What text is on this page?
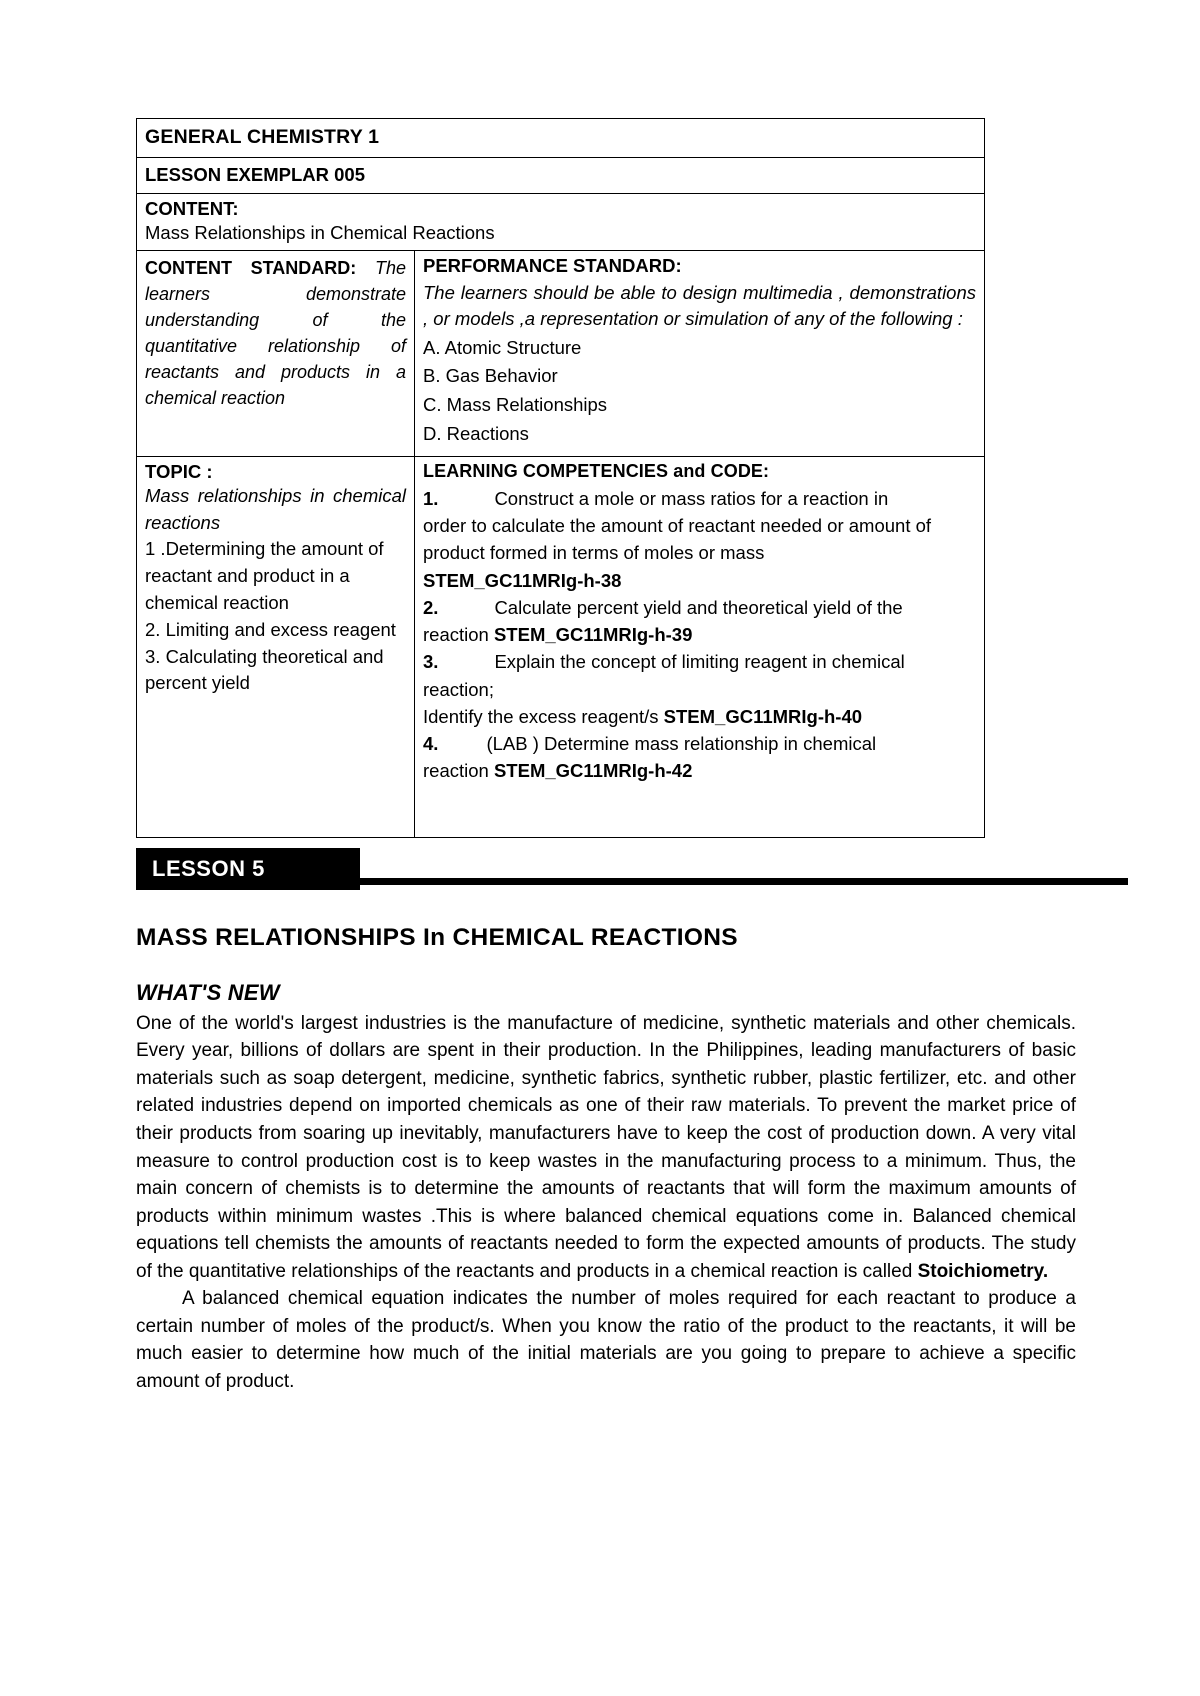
GENERAL CHEMISTRY 1	
LESSON EXEMPLAR 005	

CONTENT:
Mass Relationships in Chemical Reactions	

CONTENT STANDARD: The learners demonstrate understanding of the quantitative relationship of reactants and products in a chemical reaction

PERFORMANCE STANDARD:
The learners should be able to design multimedia , demonstrations , or models ,a representation or simulation of any of the following :
A. Atomic Structure
B. Gas Behavior
C. Mass Relationships
D. Reactions

TOPIC :
Mass relationships in chemical reactions
1 .Determining the amount of reactant and product in a chemical reaction
2. Limiting and excess reagent
3. Calculating theoretical and percent yield

LEARNING COMPETENCIES and CODE:
1.	Construct a mole or mass ratios for a reaction in
order to calculate the amount of reactant needed or amount of
product formed in terms of moles or mass
STEM_GC11MRIg-h-38
2.	Calculate percent yield and theoretical yield of the
reaction STEM_GC11MRIg-h-39
3.	Explain the concept of limiting reagent in chemical
reaction;
Identify the excess reagent/s STEM_GC11MRIg-h-40
4.	(LAB ) Determine mass relationship in chemical
reaction STEM_GC11MRIg-h-42
LESSON 5
MASS RELATIONSHIPS In CHEMICAL REACTIONS
WHAT'S NEW
One of the world's largest industries is the manufacture of medicine, synthetic materials and other chemicals. Every year, billions of dollars are spent in their production. In the Philippines, leading manufacturers of basic materials such as soap detergent, medicine, synthetic fabrics, synthetic rubber, plastic fertilizer, etc. and other related industries depend on imported chemicals as one of their raw materials. To prevent the market price of their products from soaring up inevitably, manufacturers have to keep the cost of production down. A very vital measure to control production cost is to keep wastes in the manufacturing process to a minimum. Thus, the main concern of chemists is to determine the amounts of reactants that will form the maximum amounts of products within minimum wastes .This is where balanced chemical equations come in. Balanced chemical equations tell chemists the amounts of reactants needed to form the expected amounts of products. The study of the quantitative relationships of the reactants and products in a chemical reaction is called Stoichiometry.
A balanced chemical equation indicates the number of moles required for each reactant to produce a certain number of moles of the product/s. When you know the ratio of the product to the reactants, it will be much easier to determine how much of the initial materials are you going to prepare to achieve a specific amount of product.
